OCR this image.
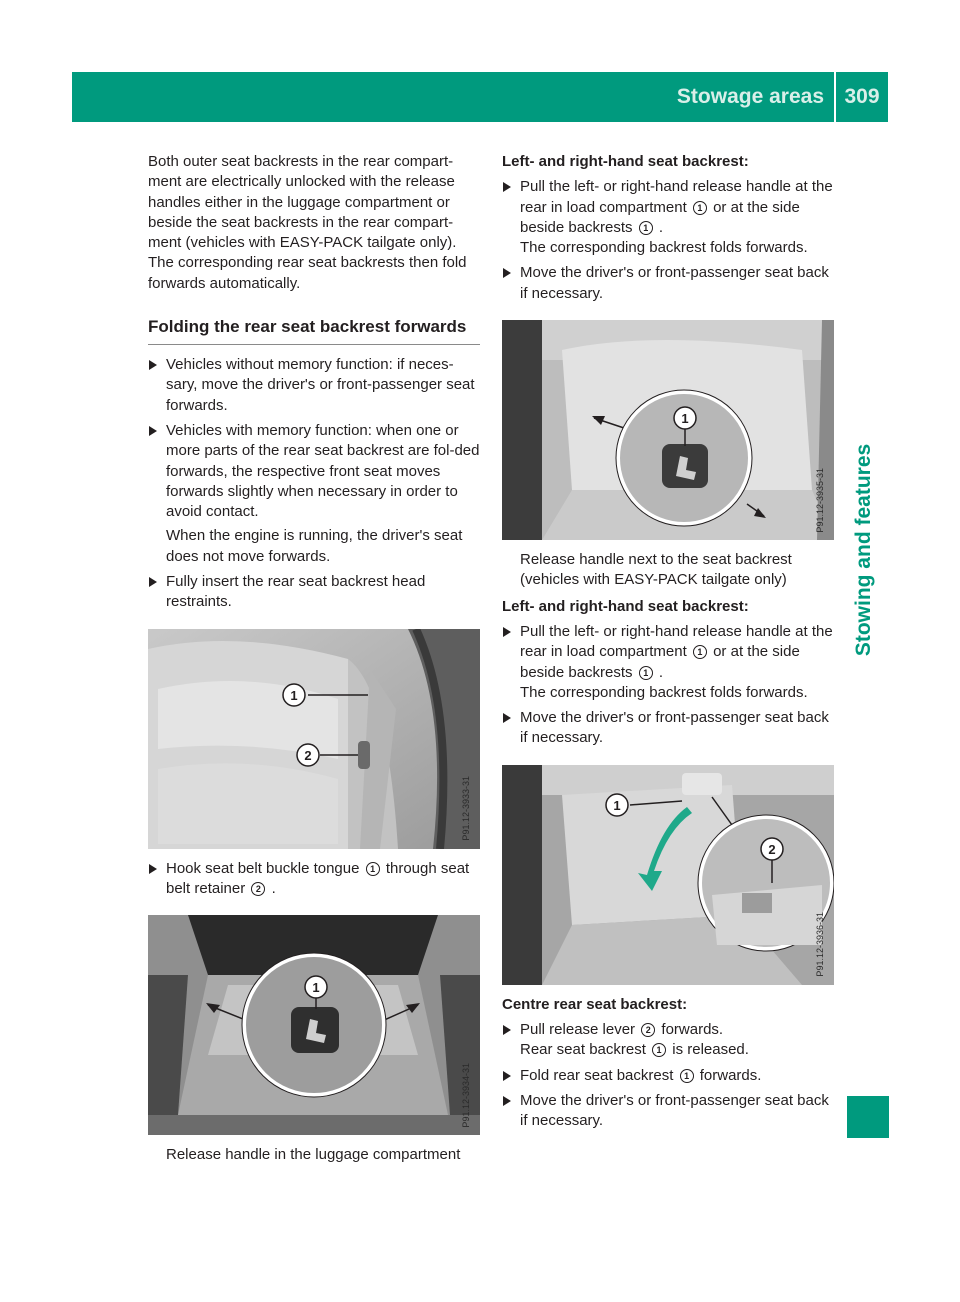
Stowage areas 309
Stowing and features

Both outer seat backrests in the rear compart-ment are electrically unlocked with the release handles either in the luggage compartment or beside the seat backrests in the rear compart-ment (vehicles with EASY-PACK tailgate only). The corresponding rear seat backrests then fold forwards automatically.

Folding the rear seat backrest forwards
Vehicles without memory function: if neces-sary, move the driver's or front-passenger seat forwards.
Vehicles with memory function: when one or more parts of the rear seat backrest are fol-ded forwards, the respective front seat moves forwards slightly when necessary in order to avoid contact.

When the engine is running, the driver's seat does not move forwards.

Fully insert the rear seat backrest head restraints.
1
2
P91.12-3933-31
Hook seat belt buckle tongue 1 through seat belt retainer 2 .
1
P91.12-3934-31

Release handle in the luggage compartment

Left- and right-hand seat backrest:

Pull the left- or right-hand release handle at the rear in load compartment 1 or at the side beside backrests 1 .
The corresponding backrest folds forwards.
Move the driver's or front-passenger seat back if necessary.
1
P91.12-3935-31

Release handle next to the seat backrest (vehicles with EASY-PACK tailgate only)

Left- and right-hand seat backrest:

Pull the left- or right-hand release handle at the rear in load compartment 1 or at the side beside backrests 1 .
The corresponding backrest folds forwards.
Move the driver's or front-passenger seat back if necessary.
1
2
P91.12-3936-31

Centre rear seat backrest:

Pull release lever 2 forwards.
Rear seat backrest 1 is released.
Fold rear seat backrest 1 forwards.
Move the driver's or front-passenger seat back if necessary.
